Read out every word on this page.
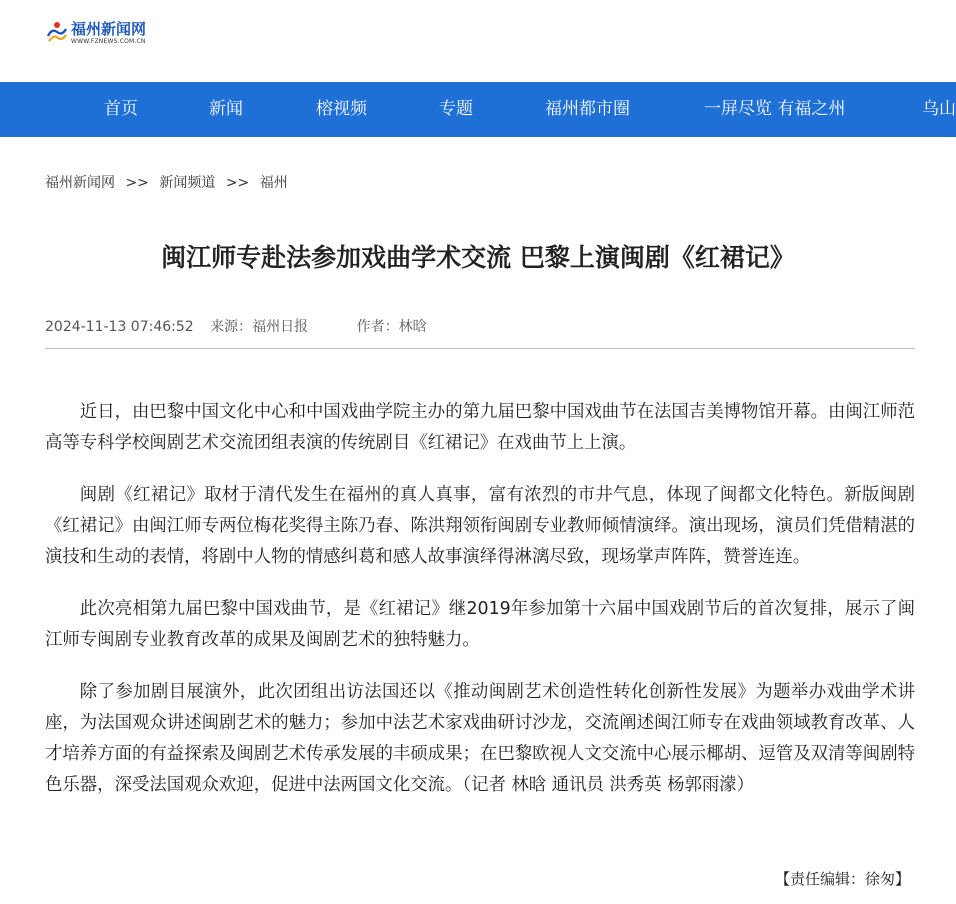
福州新闻网
WWW.FZNEWS.COM.CN
首页	新闻	榕视频	专题	福州都市圈	一屏尽览 有福之州	乌山
福州新闻网 >> 新闻频道 >> 福州
闽江师专赴法参加戏曲学术交流 巴黎上演闽剧《红裙记》
2024-11-13 07:46:52 来源：福州日报	作者：林晗

近日，由巴黎中国文化中心和中国戏曲学院主办的第九届巴黎中国戏曲节在法国吉美博物馆开幕。由闽江师范高等专科学校闽剧艺术交流团组表演的传统剧目《红裙记》在戏曲节上上演。

闽剧《红裙记》取材于清代发生在福州的真人真事，富有浓烈的市井气息，体现了闽都文化特色。新版闽剧《红裙记》由闽江师专两位梅花奖得主陈乃春、陈洪翔领衔闽剧专业教师倾情演绎。演出现场，演员们凭借精湛的演技和生动的表情，将剧中人物的情感纠葛和感人故事演绎得淋漓尽致，现场掌声阵阵，赞誉连连。

此次亮相第九届巴黎中国戏曲节，是《红裙记》继2019年参加第十六届中国戏剧节后的首次复排，展示了闽江师专闽剧专业教育改革的成果及闽剧艺术的独特魅力。

除了参加剧目展演外，此次团组出访法国还以《推动闽剧艺术创造性转化创新性发展》为题举办戏曲学术讲座，为法国观众讲述闽剧艺术的魅力；参加中法艺术家戏曲研讨沙龙，交流阐述闽江师专在戏曲领域教育改革、人才培养方面的有益探索及闽剧艺术传承发展的丰硕成果；在巴黎欧视人文交流中心展示椰胡、逗管及双清等闽剧特色乐器，深受法国观众欢迎，促进中法两国文化交流。（记者 林晗 通讯员 洪秀英 杨郭雨濛）

【责任编辑：徐匆】
